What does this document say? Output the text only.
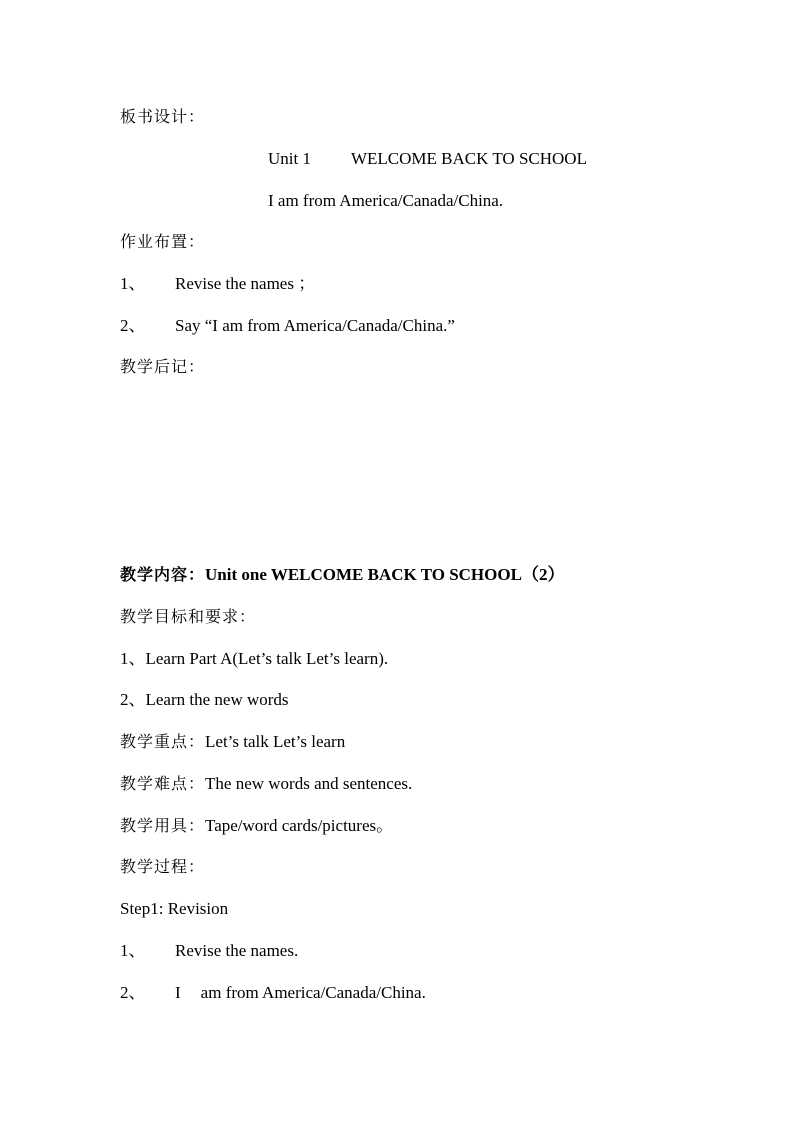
板书设计：
Unit 1 WELCOME BACK TO SCHOOL
I am from America/Canada/China.
作业布置：
1、 Revise the names ；
2、 Say “I am from America/Canada/China.”
教学后记：
教学内容：Unit one WELCOME BACK TO SCHOOL（2）
教学目标和要求：
1、Learn Part A(Let’s talk Let’s learn).
2、Learn the new words
教学重点：Let’s talk Let’s learn
教学难点：The new words and sentences.
教学用具：Tape/word cards/pictures。
教学过程：
Step1: Revision
1、 Revise the names.
2、 I am from America/Canada/China.
